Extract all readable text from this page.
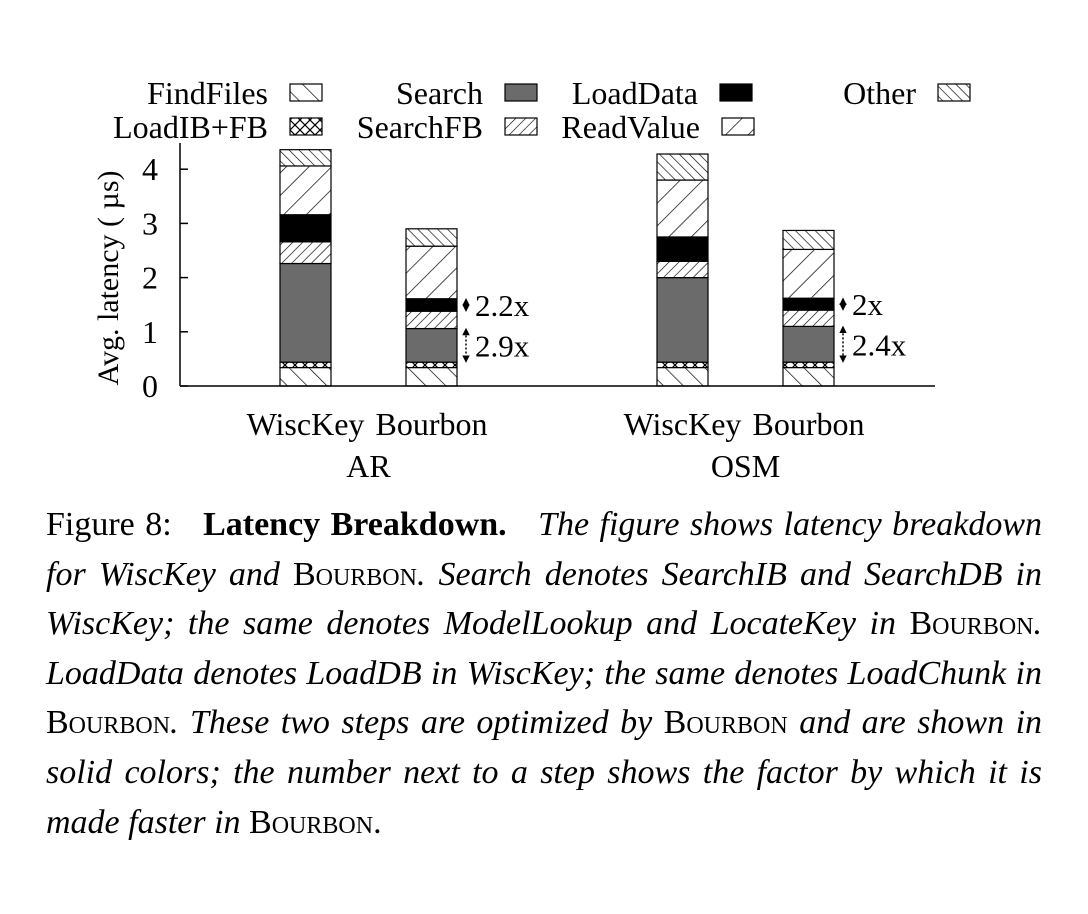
Avg. latency ( µs)
FindFiles	Search	LoadData	Other
LoadIB+FB	SearchFB ReadValue
0
1
2
3
4
2.2x
2.9x
2x
2.4x
WiscKey Bourbon	WiscKey Bourbon
AR	OSM
Figure 8: Latency Breakdown. The figure shows latency breakdown for WiscKey and Bourbon. Search denotes SearchIB and SearchDB in WiscKey; the same denotes ModelLookup and LocateKey in Bourbon. LoadData denotes LoadDB in WiscKey; the same denotes LoadChunk in Bourbon. These two steps are optimized by Bourbon and are shown in solid colors; the number next to a step shows the factor by which it is made faster in Bourbon.
